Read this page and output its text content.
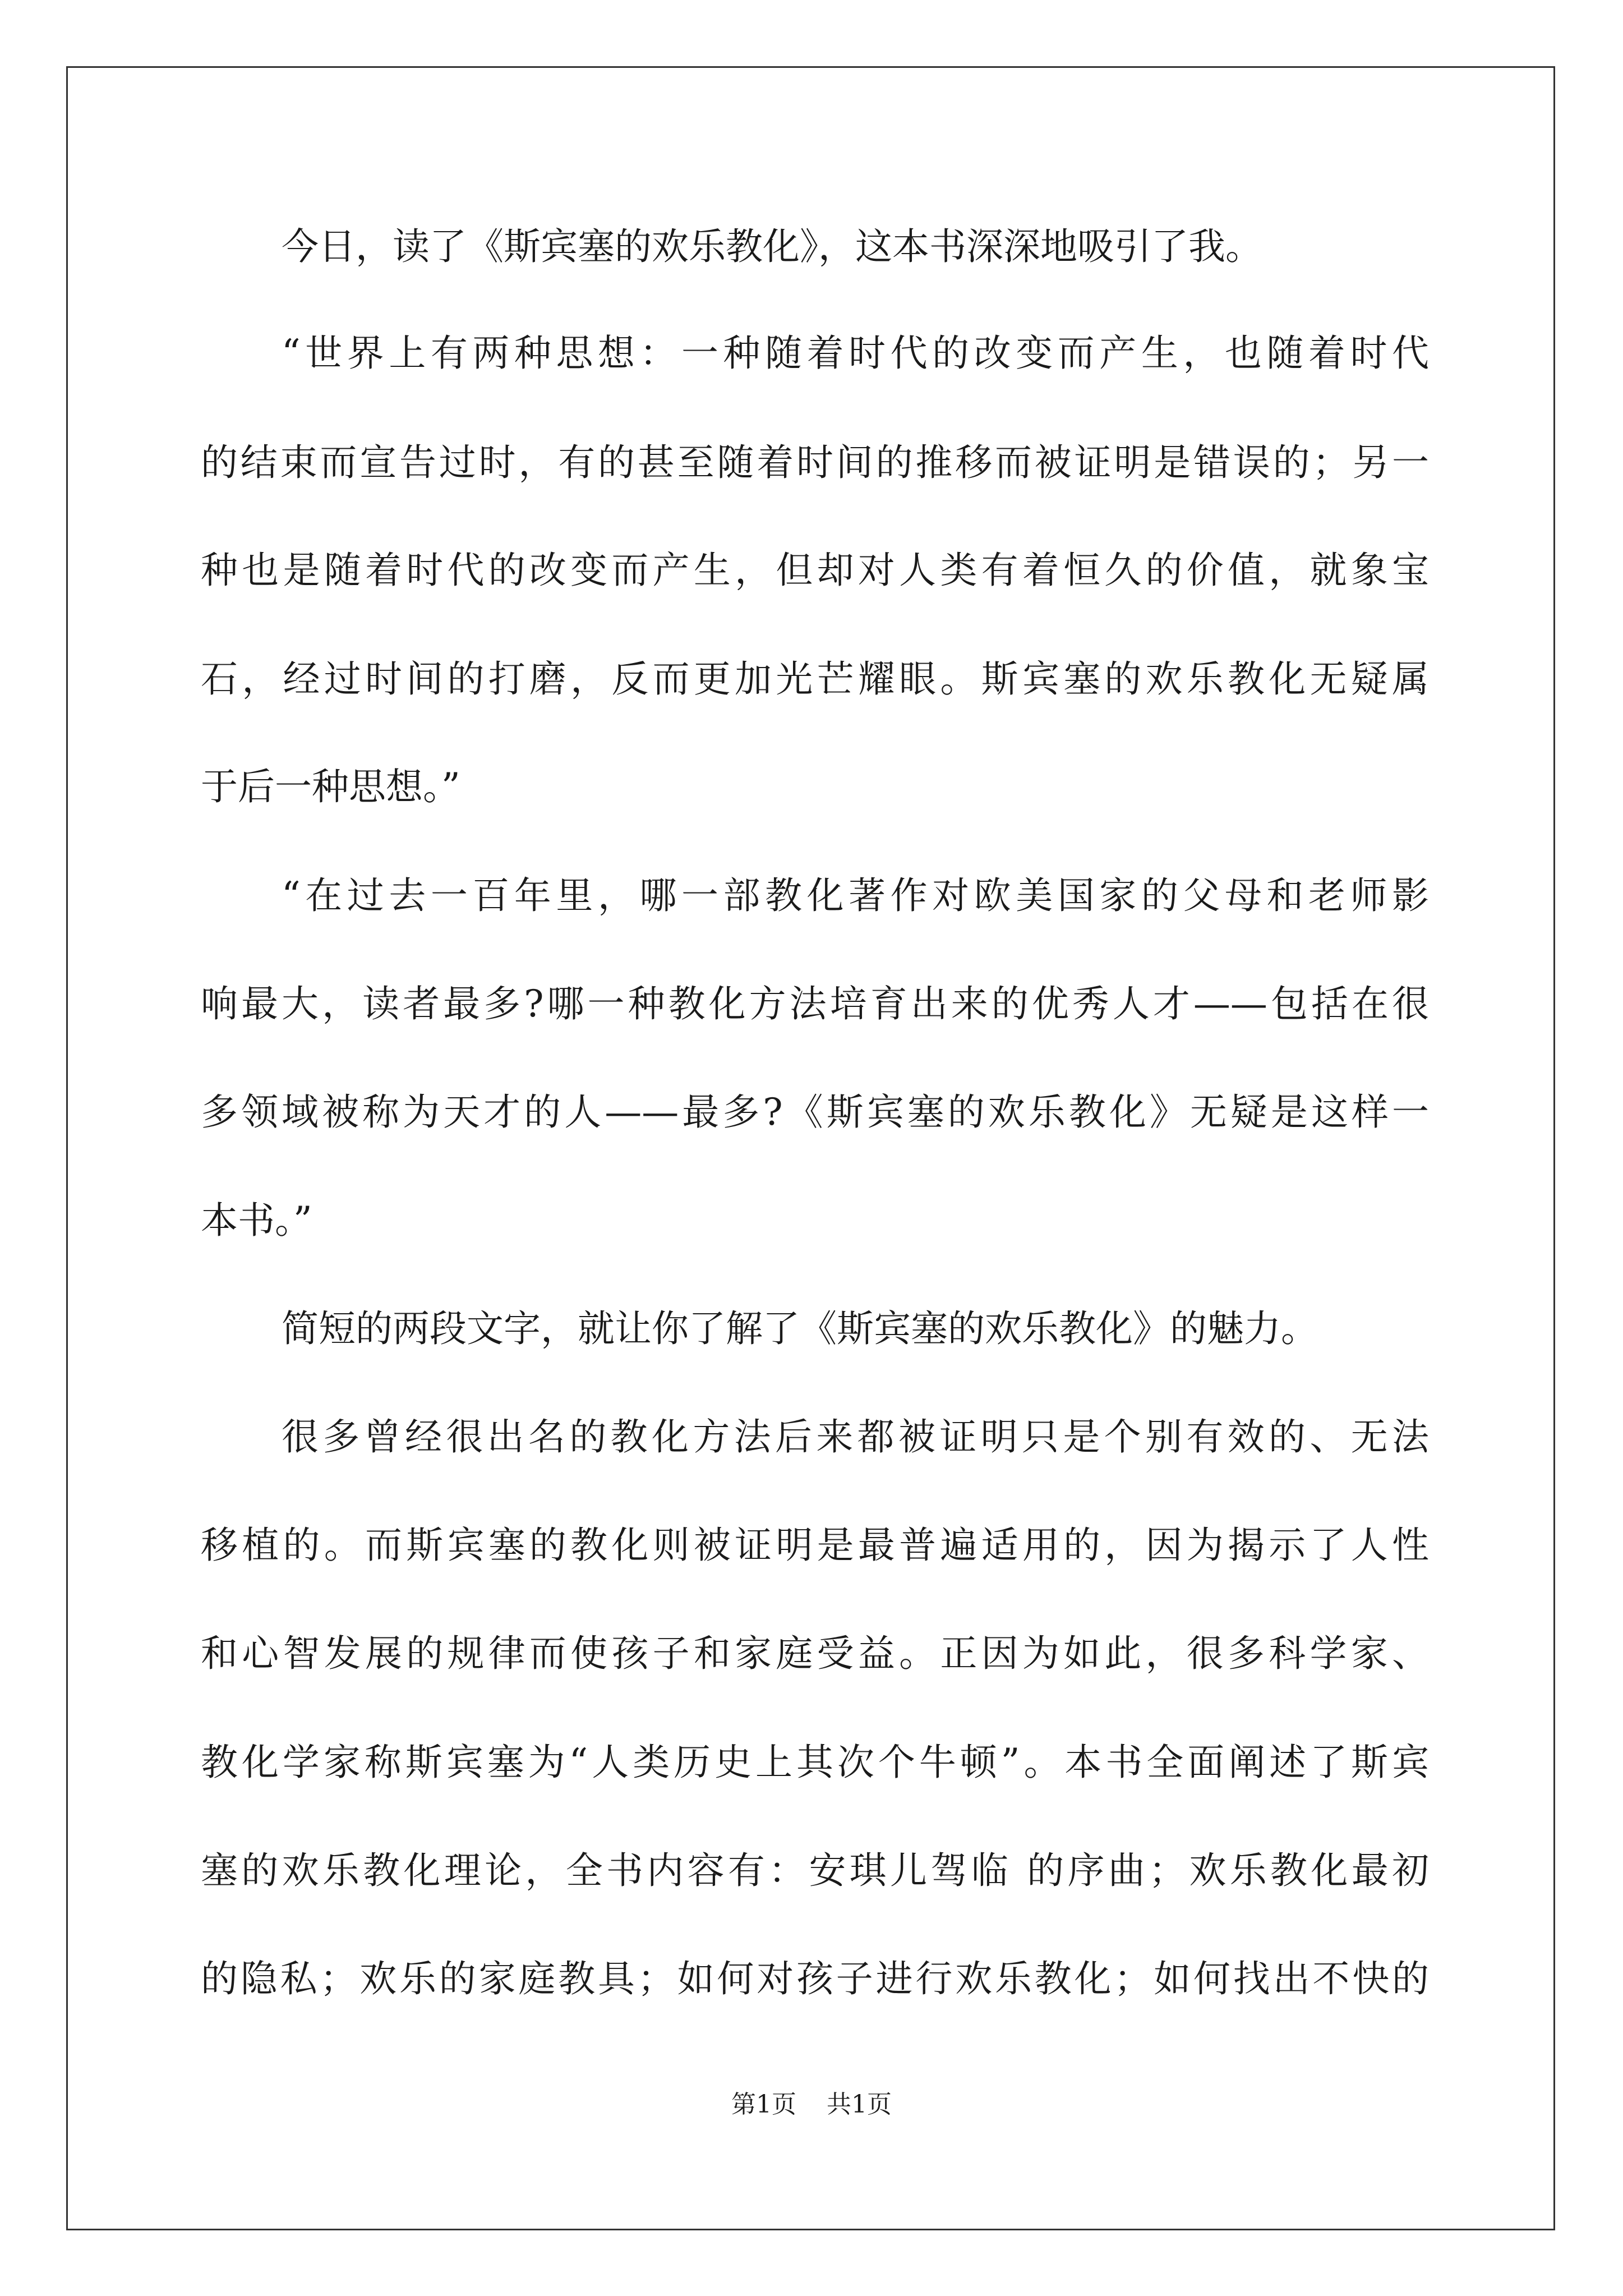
今日，读了《斯宾塞的欢乐教化》，这本书深深地吸引了我。
“世界上有两种思想：一种随着时代的改变而产生，也随着时代
的结束而宣告过时，有的甚至随着时间的推移而被证明是错误的；另一
种也是随着时代的改变而产生，但却对人类有着恒久的价值，就象宝
石，经过时间的打磨，反而更加光芒耀眼。斯宾塞的欢乐教化无疑属
于后一种思想。”
“在过去一百年里，哪一部教化著作对欧美国家的父母和老师影
响最大，读者最多?哪一种教化方法培育出来的优秀人才——包括在很
多领域被称为天才的人——最多?《斯宾塞的欢乐教化》无疑是这样一
本书。”
简短的两段文字，就让你了解了《斯宾塞的欢乐教化》的魅力。
很多曾经很出名的教化方法后来都被证明只是个别有效的、无法
移植的。而斯宾塞的教化则被证明是最普遍适用的，因为揭示了人性
和心智发展的规律而使孩子和家庭受益。正因为如此，很多科学家、
教化学家称斯宾塞为“人类历史上其次个牛顿”。本书全面阐述了斯宾
塞的欢乐教化理论，全书内容有：安琪儿驾临 的序曲；欢乐教化最初
的隐私；欢乐的家庭教具；如何对孩子进行欢乐教化；如何找出不快的
第1页 共1页
